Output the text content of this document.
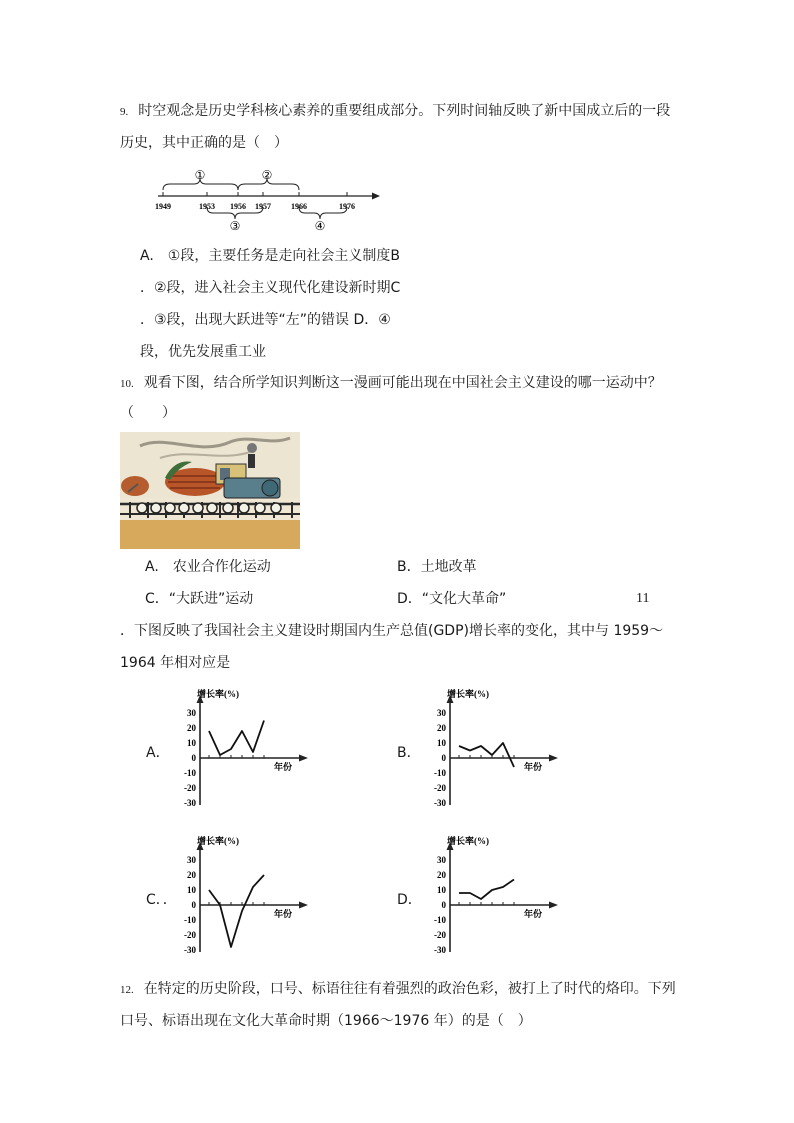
9. 时空观念是历史学科核心素养的重要组成部分。下列时间轴反映了新中国成立后的一段
历史，其中正确的是（　）
①	②
③	④
1949	1953 1956 1957	1966	1976
A.　①段，主要任务是走向社会主义制度B
．②段，进入社会主义现代化建设新时期C
．③段，出现大跃进等“左”的错误 D．④
段，优先发展重工业
10. 观看下图，结合所学知识判断这一漫画可能出现在中国社会主义建设的哪一运动中？
（　　）
A.　农业合作化运动	B．土地改革
C．“大跃进”运动	D．“文化大革命”	11
．下图反映了我国社会主义建设时期国内生产总值(GDP)增长率的变化，其中与 1959～
1964 年相对应是
A．	B．
C．．	D．
增长率(%)
年份
30
20
10
0
-10
-20
-30
增长率(%)
年份
30
20
10
0
-10
-20
-30
增长率(%)
年份
30
20
10
0
-10
-20
-30
增长率(%)
年份
30
20
10
0
-10
-20
-30
12. 在特定的历史阶段，口号、标语往往有着强烈的政治色彩，被打上了时代的烙印。下列
口号、标语出现在文化大革命时期（1966～1976 年）的是（　）
